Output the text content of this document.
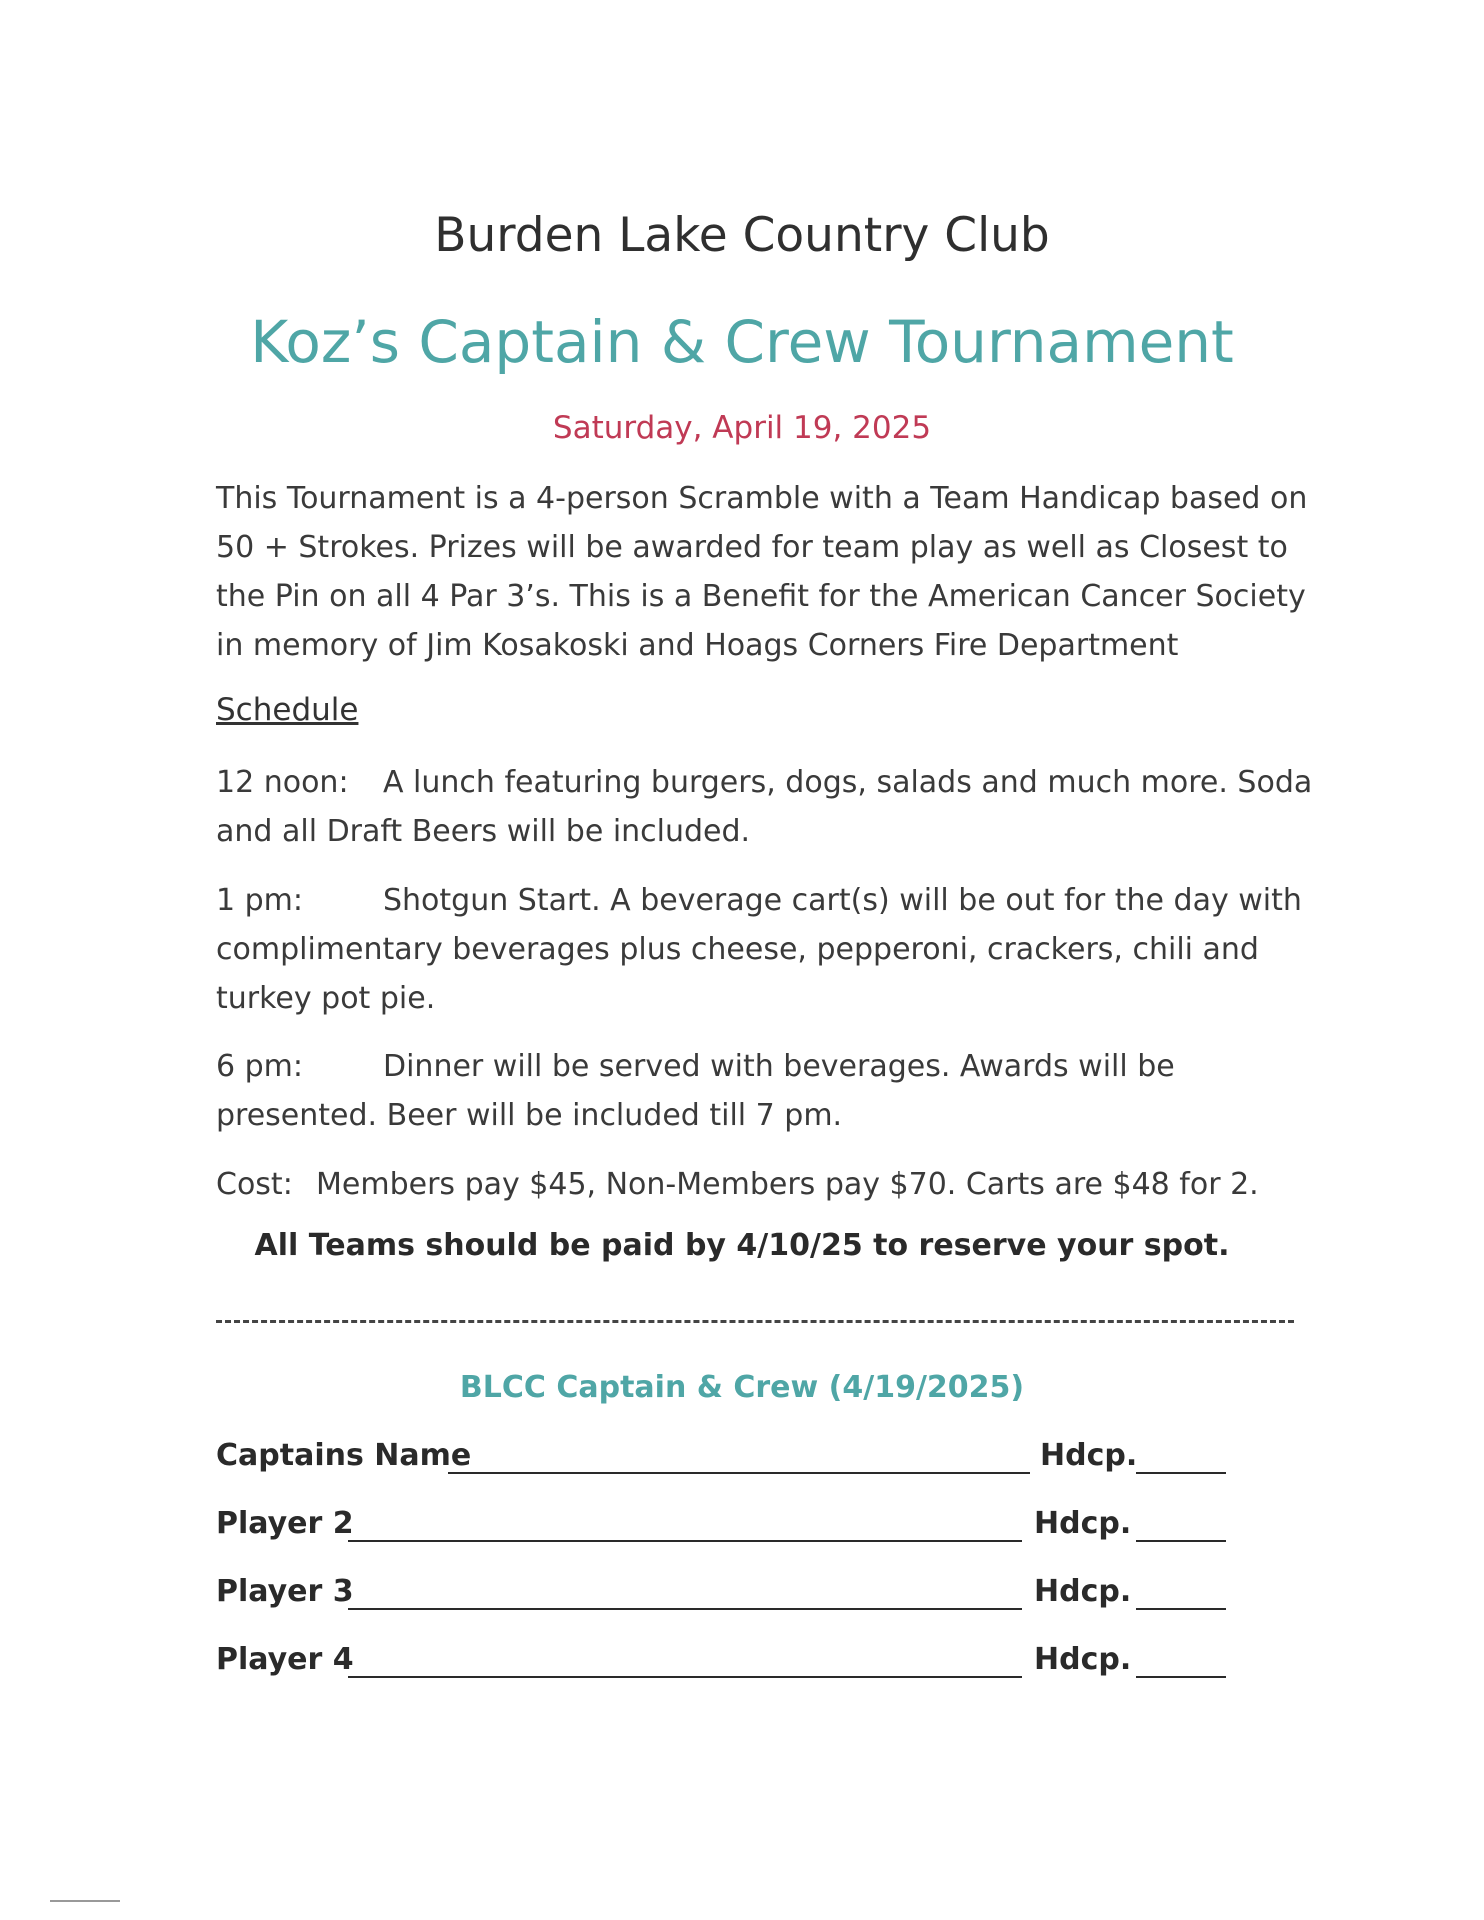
Burden Lake Country Club
Koz’s Captain & Crew Tournament

Saturday, April 19, 2025

This Tournament is a 4-person Scramble with a Team Handicap based on 50 + Strokes. Prizes will be awarded for team play as well as Closest to the Pin on all 4 Par 3’s. This is a Benefit for the American Cancer Society in memory of Jim Kosakoski and Hoags Corners Fire Department

Schedule

12 noon: A lunch featuring burgers, dogs, salads and much more. Soda and all Draft Beers will be included.

1 pm:	Shotgun Start. A beverage cart(s) will be out for the day with complimentary beverages plus cheese, pepperoni, crackers, chili and turkey pot pie.

6 pm:	Dinner will be served with beverages. Awards will be presented. Beer will be included till 7 pm.

Cost: Members pay $45, Non-Members pay $70. Carts are $48 for 2.

All Teams should be paid by 4/10/25 to reserve your spot.

BLCC Captain & Crew (4/19/2025)

Captains Name	Hdcp.
Player 2	Hdcp.
Player 3	Hdcp.
Player 4	Hdcp.
